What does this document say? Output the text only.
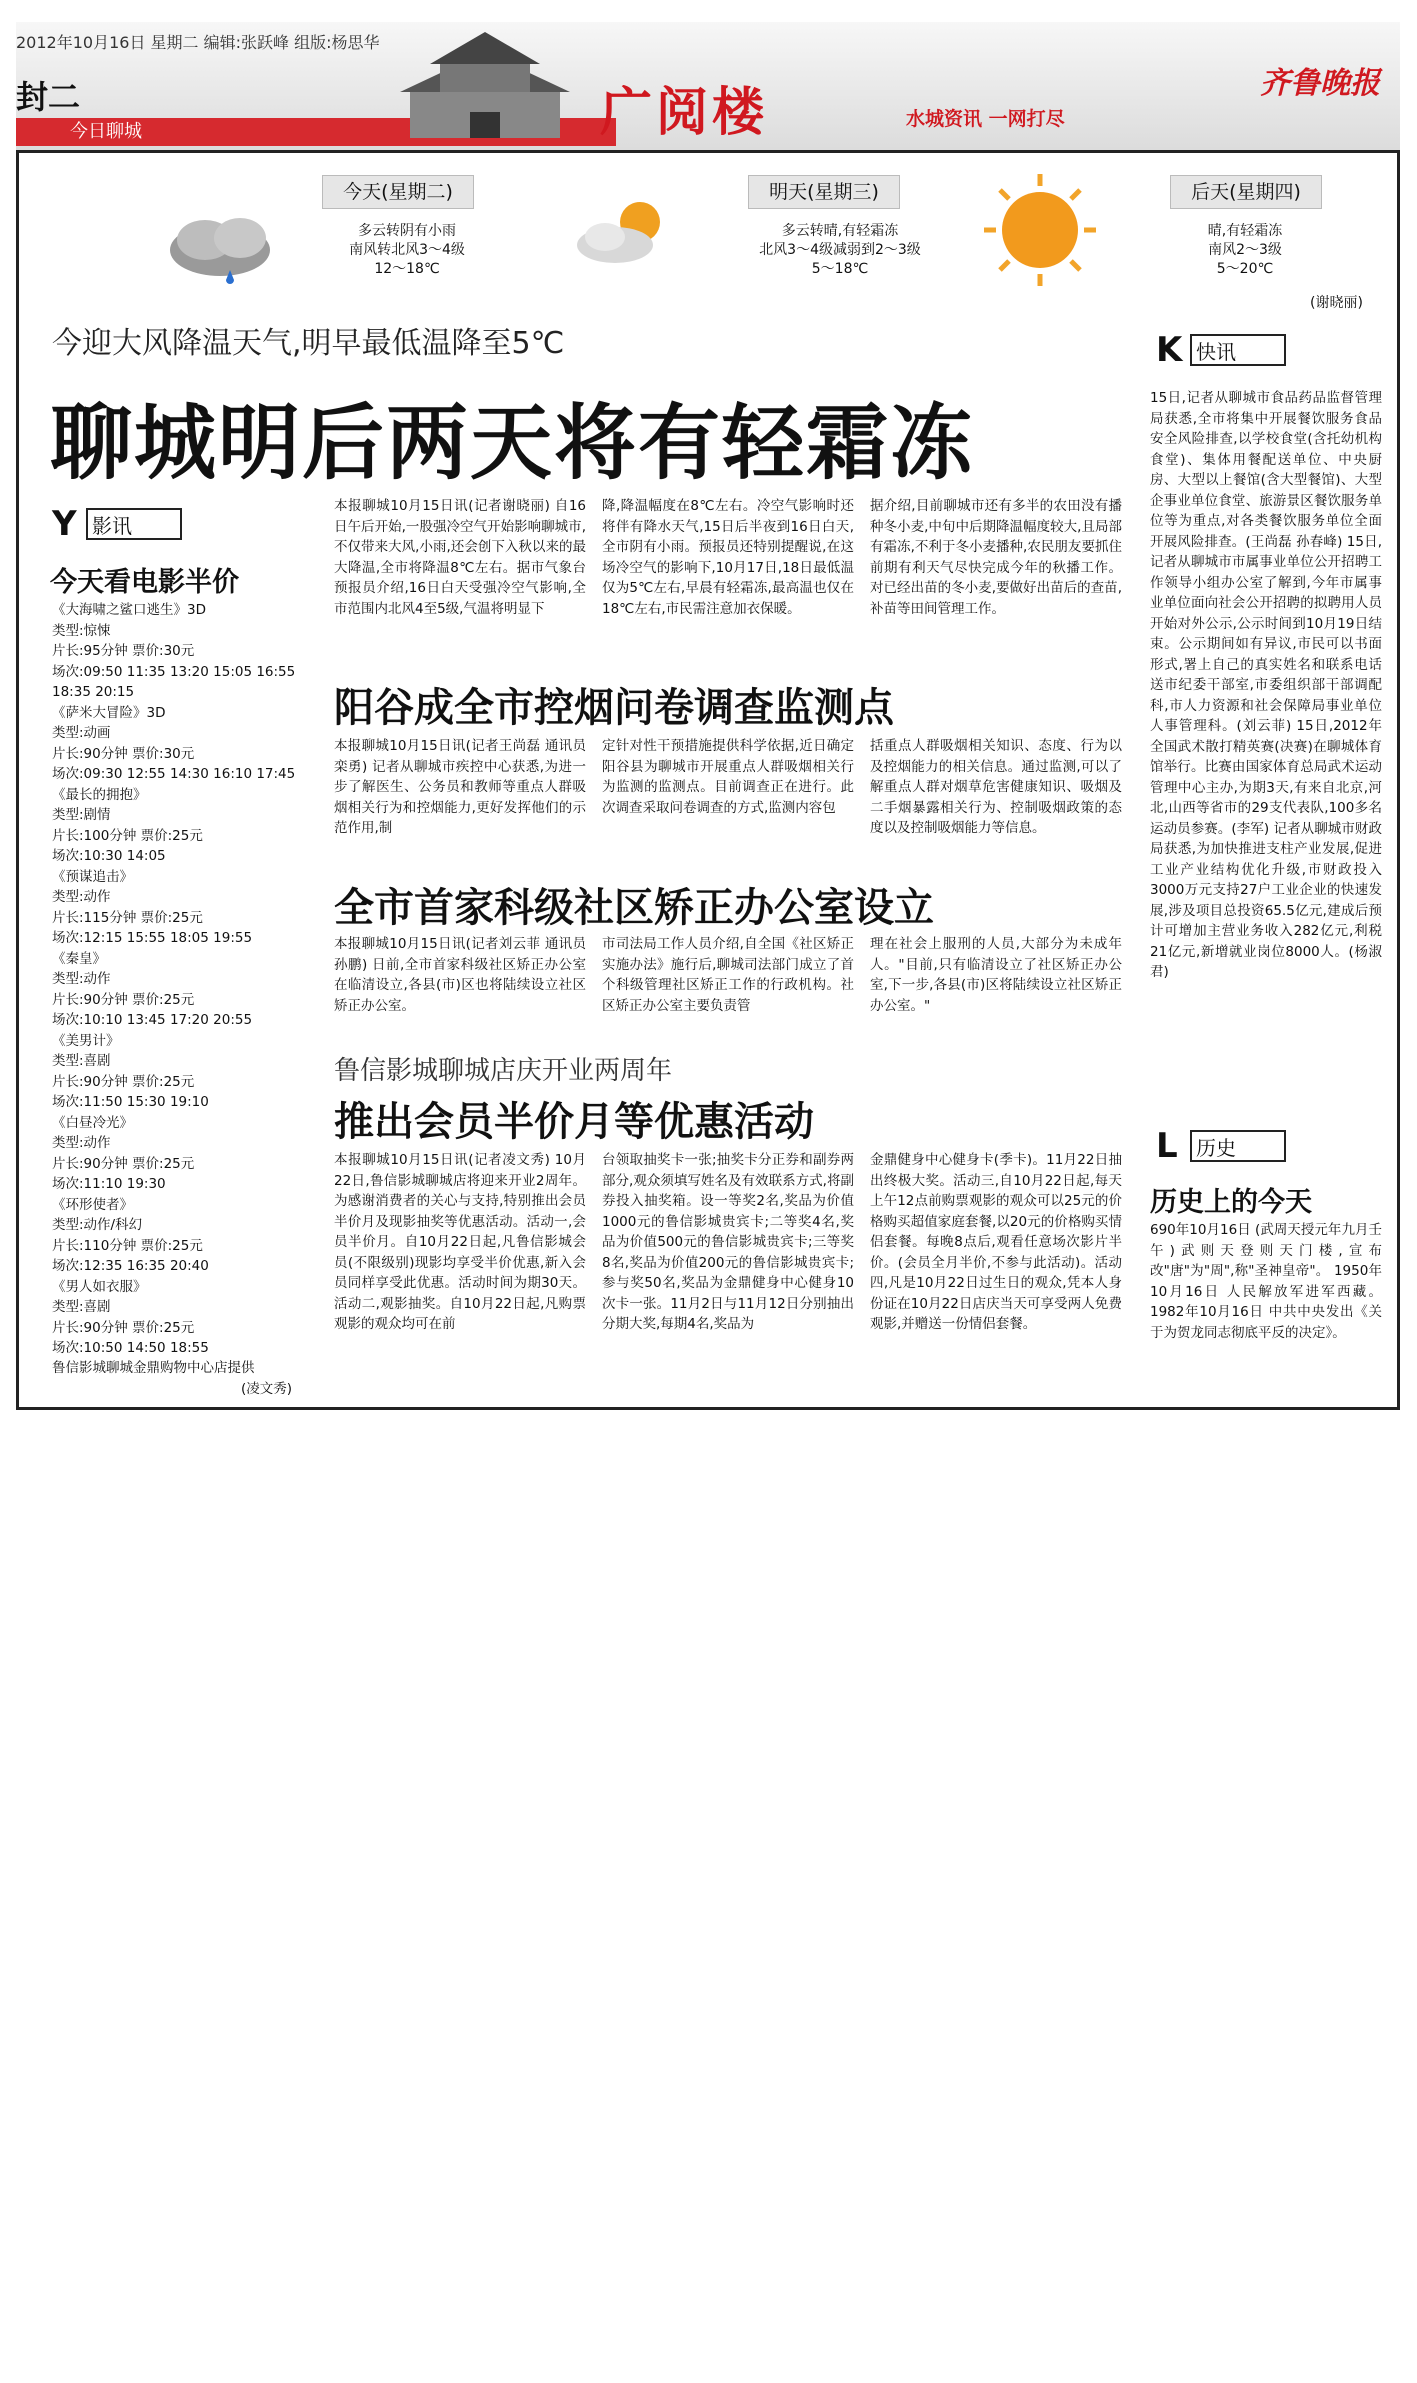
2012年10月16日 星期二 编辑:张跃峰 组版:杨思华
封二
今日聊城	广阅楼	水城资讯 一网打尽
齐鲁晚报
今天(星期二)
多云转阴有小雨
南风转北风3～4级
12～18℃
明天(星期三)
多云转晴,有轻霜冻
北风3～4级减弱到2～3级
5～18℃
后天(星期四)
晴,有轻霜冻
南风2～3级
5～20℃
(谢晓丽)
今迎大风降温天气,明早最低温降至5℃
聊城明后两天将有轻霜冻
Y 影讯
今天看电影半价
《大海啸之鲨口逃生》3D
类型:惊悚
片长:95分钟 票价:30元
场次:09:50 11:35 13:20 15:05 16:55
18:35 20:15
《萨米大冒险》3D
类型:动画
片长:90分钟 票价:30元
场次:09:30 12:55 14:30 16:10 17:45
《最长的拥抱》
类型:剧情
片长:100分钟 票价:25元
场次:10:30 14:05
《预谋追击》
类型:动作
片长:115分钟 票价:25元
场次:12:15 15:55 18:05 19:55
《秦皇》
类型:动作
片长:90分钟 票价:25元
场次:10:10 13:45 17:20 20:55
《美男计》
类型:喜剧
片长:90分钟 票价:25元
场次:11:50 15:30 19:10
《白昼冷光》
类型:动作
片长:90分钟 票价:25元
场次:11:10 19:30
《环形使者》
类型:动作/科幻
片长:110分钟 票价:25元
场次:12:35 16:35 20:40
《男人如衣服》
类型:喜剧
片长:90分钟 票价:25元
场次:10:50 14:50 18:55
鲁信影城聊城金鼎购物中心店提供
(凌文秀)
本报聊城10月15日讯(记者谢晓丽) 自16日午后开始,一股强冷空气开始影响聊城市,不仅带来大风,小雨,还会创下入秋以来的最大降温,全市将降温8℃左右。据市气象台预报员介绍,16日白天受强冷空气影响,全市范围内北风4至5级,气温将明显下
降,降温幅度在8℃左右。冷空气影响时还将伴有降水天气,15日后半夜到16日白天,全市阴有小雨。预报员还特别提醒说,在这场冷空气的影响下,10月17日,18日最低温仅为5℃左右,早晨有轻霜冻,最高温也仅在18℃左右,市民需注意加衣保暖。
据介绍,目前聊城市还有多半的农田没有播种冬小麦,中旬中后期降温幅度较大,且局部有霜冻,不利于冬小麦播种,农民朋友要抓住前期有利天气尽快完成今年的秋播工作。对已经出苗的冬小麦,要做好出苗后的查苗,补苗等田间管理工作。
阳谷成全市控烟问卷调查监测点
本报聊城10月15日讯(记者王尚磊 通讯员 栾勇) 记者从聊城市疾控中心获悉,为进一步了解医生、公务员和教师等重点人群吸烟相关行为和控烟能力,更好发挥他们的示范作用,制
定针对性干预措施提供科学依据,近日确定阳谷县为聊城市开展重点人群吸烟相关行为监测的监测点。目前调查正在进行。此次调查采取问卷调查的方式,监测内容包
括重点人群吸烟相关知识、态度、行为以及控烟能力的相关信息。通过监测,可以了解重点人群对烟草危害健康知识、吸烟及二手烟暴露相关行为、控制吸烟政策的态度以及控制吸烟能力等信息。
全市首家科级社区矫正办公室设立
本报聊城10月15日讯(记者刘云菲 通讯员 孙鹏) 日前,全市首家科级社区矫正办公室在临清设立,各县(市)区也将陆续设立社区矫正办公室。
市司法局工作人员介绍,自全国《社区矫正实施办法》施行后,聊城司法部门成立了首个科级管理社区矫正工作的行政机构。社区矫正办公室主要负责管
理在社会上服刑的人员,大部分为未成年人。"目前,只有临清设立了社区矫正办公室,下一步,各县(市)区将陆续设立社区矫正办公室。"
鲁信影城聊城店庆开业两周年
推出会员半价月等优惠活动
本报聊城10月15日讯(记者凌文秀) 10月22日,鲁信影城聊城店将迎来开业2周年。为感谢消费者的关心与支持,特别推出会员半价月及现影抽奖等优惠活动。活动一,会员半价月。自10月22日起,凡鲁信影城会员(不限级别)现影均享受半价优惠,新入会员同样享受此优惠。活动时间为期30天。活动二,观影抽奖。自10月22日起,凡购票观影的观众均可在前
台领取抽奖卡一张;抽奖卡分正券和副券两部分,观众须填写姓名及有效联系方式,将副券投入抽奖箱。设一等奖2名,奖品为价值1000元的鲁信影城贵宾卡;二等奖4名,奖品为价值500元的鲁信影城贵宾卡;三等奖8名,奖品为价值200元的鲁信影城贵宾卡;参与奖50名,奖品为金鼎健身中心健身10次卡一张。11月2日与11月12日分别抽出分期大奖,每期4名,奖品为
金鼎健身中心健身卡(季卡)。11月22日抽出终极大奖。活动三,自10月22日起,每天上午12点前购票观影的观众可以25元的价格购买超值家庭套餐,以20元的价格购买情侣套餐。每晚8点后,观看任意场次影片半价。(会员全月半价,不参与此活动)。活动四,凡是10月22日过生日的观众,凭本人身份证在10月22日店庆当天可享受两人免费观影,并赠送一份情侣套餐。
K 快讯
15日,记者从聊城市食品药品监督管理局获悉,全市将集中开展餐饮服务食品安全风险排查,以学校食堂(含托幼机构食堂)、集体用餐配送单位、中央厨房、大型以上餐馆(含大型餐馆)、大型企事业单位食堂、旅游景区餐饮服务单位等为重点,对各类餐饮服务单位全面开展风险排查。(王尚磊 孙春峰) 15日,记者从聊城市市属事业单位公开招聘工作领导小组办公室了解到,今年市属事业单位面向社会公开招聘的拟聘用人员开始对外公示,公示时间到10月19日结束。公示期间如有异议,市民可以书面形式,署上自己的真实姓名和联系电话送市纪委干部室,市委组织部干部调配科,市人力资源和社会保障局事业单位人事管理科。(刘云菲) 15日,2012年全国武术散打精英赛(决赛)在聊城体育馆举行。比赛由国家体育总局武术运动管理中心主办,为期3天,有来自北京,河北,山西等省市的29支代表队,100多名运动员参赛。(李军) 记者从聊城市财政局获悉,为加快推进支柱产业发展,促进工业产业结构优化升级,市财政投入3000万元支持27户工业企业的快速发展,涉及项目总投资65.5亿元,建成后预计可增加主营业务收入282亿元,利税21亿元,新增就业岗位8000人。(杨淑君)
L 历史
历史上的今天
690年10月16日 (武周天授元年九月壬午)武则天登则天门楼,宣布改"唐"为"周",称"圣神皇帝"。 1950年10月16日 人民解放军进军西藏。 1982年10月16日 中共中央发出《关于为贺龙同志彻底平反的决定》。
